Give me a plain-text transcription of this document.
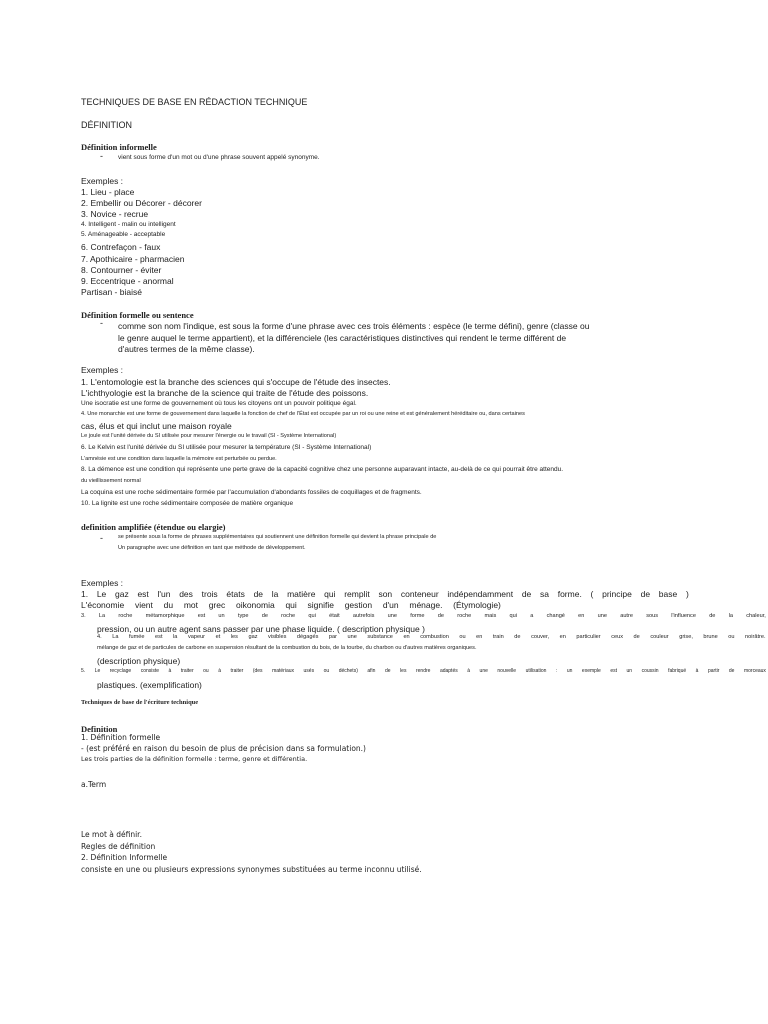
TECHNIQUES DE BASE EN RÉDACTION TECHNIQUE
DÉFINITION
Définition informelle
- vient sous forme d'un mot ou d'une phrase souvent appelé synonyme.
Exemples :
1. Lieu - place
2. Embellir ou Décorer - décorer
3. Novice - recrue
4. Intelligent - malin ou intelligent
5. Aménageable - acceptable
6. Contrefaçon - faux
7. Apothicaire - pharmacien
8. Contourner - éviter
9. Eccentrique - anormal
Partisan - biaisé
Définition formelle ou sentence
- comme son nom l'indique, est sous la forme d'une phrase avec ces trois éléments : espèce (le terme défini), genre (classe ou
le genre auquel le terme appartient), et la différenciele (les caractéristiques distinctives qui rendent le terme différent de
d'autres termes de la même classe).
Exemples :
1. L'entomologie est la branche des sciences qui s'occupe de l'étude des insectes.
L'ichthyologie est la branche de la science qui traite de l'étude des poissons.
Une isocratie est une forme de gouvernement où tous les citoyens ont un pouvoir politique égal.
4. Une monarchie est une forme de gouvernement dans laquelle la fonction de chef de l'État est occupée par un roi ou une reine et est généralement héréditaire ou, dans certaines
cas, élus et qui inclut une maison royale
Le joule est l'unité dérivée du SI utilisée pour mesurer l'énergie ou le travail (SI - Système International)
6. Le Kelvin est l'unité dérivée du SI utilisée pour mesurer la température (SI - Système International)
L'amnésie est une condition dans laquelle la mémoire est perturbée ou perdue.
8. La démence est une condition qui représente une perte grave de la capacité cognitive chez une personne auparavant intacte, au-delà de ce qui pourrait être attendu.
du vieillissement normal
La coquina est une roche sédimentaire formée par l'accumulation d'abondants fossiles de coquillages et de fragments.
10. La lignite est une roche sédimentaire composée de matière organique
definition amplifiée (étendue ou elargie)
-	se présente sous la forme de phrases supplémentaires qui soutiennent une définition formelle qui devient la phrase principale de
Un paragraphe avec une définition en tant que méthode de développement.
Exemples :
1. Le gaz est l'un des trois états de la matière qui remplit son conteneur indépendamment de sa forme. ( principe de base )
L'économie vient du mot grec oikonomia qui signifie gestion d'un ménage. (Étymologie)
3. La roche métamorphique est un type de roche qui était autrefois une forme de roche mais qui a changé en une autre sous l'influence de la chaleur,
pression, ou un autre agent sans passer par une phase liquide. ( description physique )
4. La fumée est la vapeur et les gaz visibles dégagés par une substance en combustion ou en train de couver, en particulier ceux de couleur grise, brune ou noirâtre.
mélange de gaz et de particules de carbone en suspension résultant de la combustion du bois, de la tourbe, du charbon ou d'autres matières organiques.
(description physique)
5. Le recyclage consiste à traiter ou à traiter (des matériaux usés ou déchets) afin de les rendre adaptés à une nouvelle utilisation : un exemple est un coussin fabriqué à partir de morceaux
plastiques. (exemplification)
Techniques de base de l'écriture technique
Definition
1. Définition formelle
- (est préféré en raison du besoin de plus de précision dans sa formulation.)
Les trois parties de la définition formelle : terme, genre et différentia.
a.Term
Le mot à définir.
Regles de définition
2. Définition Informelle
consiste en une ou plusieurs expressions synonymes substituées au terme inconnu utilisé.
